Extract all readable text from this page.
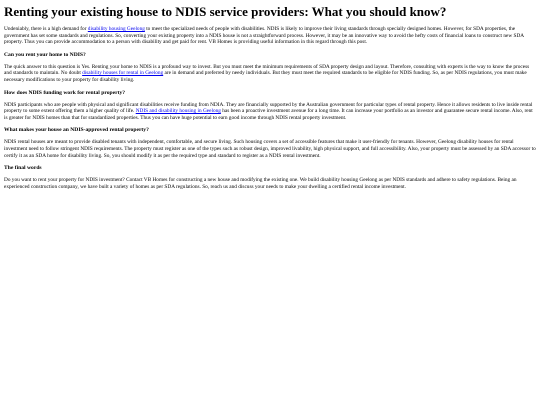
Renting your existing house to NDIS service providers: What you should know?

Undeniably, there is a high demand for disability housing Geelong to meet the specialized needs of people with disabilities. NDIS is likely to improve their living standards through specially designed homes. However, for SDA properties, the government has set some standards and regulations. So, converting your existing property into a NDIS house is not a straightforward process. However, it may be an innovative way to avoid the hefty costs of financial loans to construct new SDA property. Thus you can provide accommodation to a person with disability and get paid for rent. VB Homes is providing useful information in this regard through this post.

Can you rent your home to NDIS?

The quick answer to this question is Yes. Renting your home to NDIS is a profound way to invest. But you must meet the minimum requirements of SDA property design and layout. Therefore, consulting with experts is the way to know the process and standards to maintain. No doubt disability houses for rental in Geelong are in demand and preferred by needy individuals. But they must meet the required standards to be eligible for NDIS funding. So, as per NDIS regulations, you must make necessary modifications to your property for disability living.

How does NDIS funding work for rental property?

NDIS participants who are people with physical and significant disabilities receive funding from NDIA. They are financially supported by the Australian government for particular types of rental property. Hence it allows residents to live inside rental property to some extent offering them a higher quality of life. NDIS and disability housing in Geelong has been a proactive investment avenue for a long time. It can increase your portfolio as an investor and guarantee secure rental income. Also, rent is greater for NDIS homes than that for standardized properties. Thus you can have huge potential to earn good income through NDIS rental property investment.

What makes your house an NDIS-approved rental property?

NDIS rental houses are meant to provide disabled tenants with independent, comfortable, and secure living. Such housing covers a set of accessible features that make it user-friendly for tenants. However, Geelong disability houses for rental investment need to follow stringent NDIS requirements. The property must register as one of the types such as robust design, improved livability, high physical support, and full accessibility. Also, your property must be assessed by an SDA accessor to certify it as an SDA home for disability living. So, you should modify it as per the required type and standard to register as a NDIS rental investment.

The final words

Do you want to rent your property for NDIS investment? Contact VB Homes for constructing a new house and modifying the existing one. We build disability housing Geelong as per NDIS standards and adhere to safety regulations. Being an experienced construction company, we have built a variety of homes as per SDA regulations. So, reach us and discuss your needs to make your dwelling a certified rental income investment.
